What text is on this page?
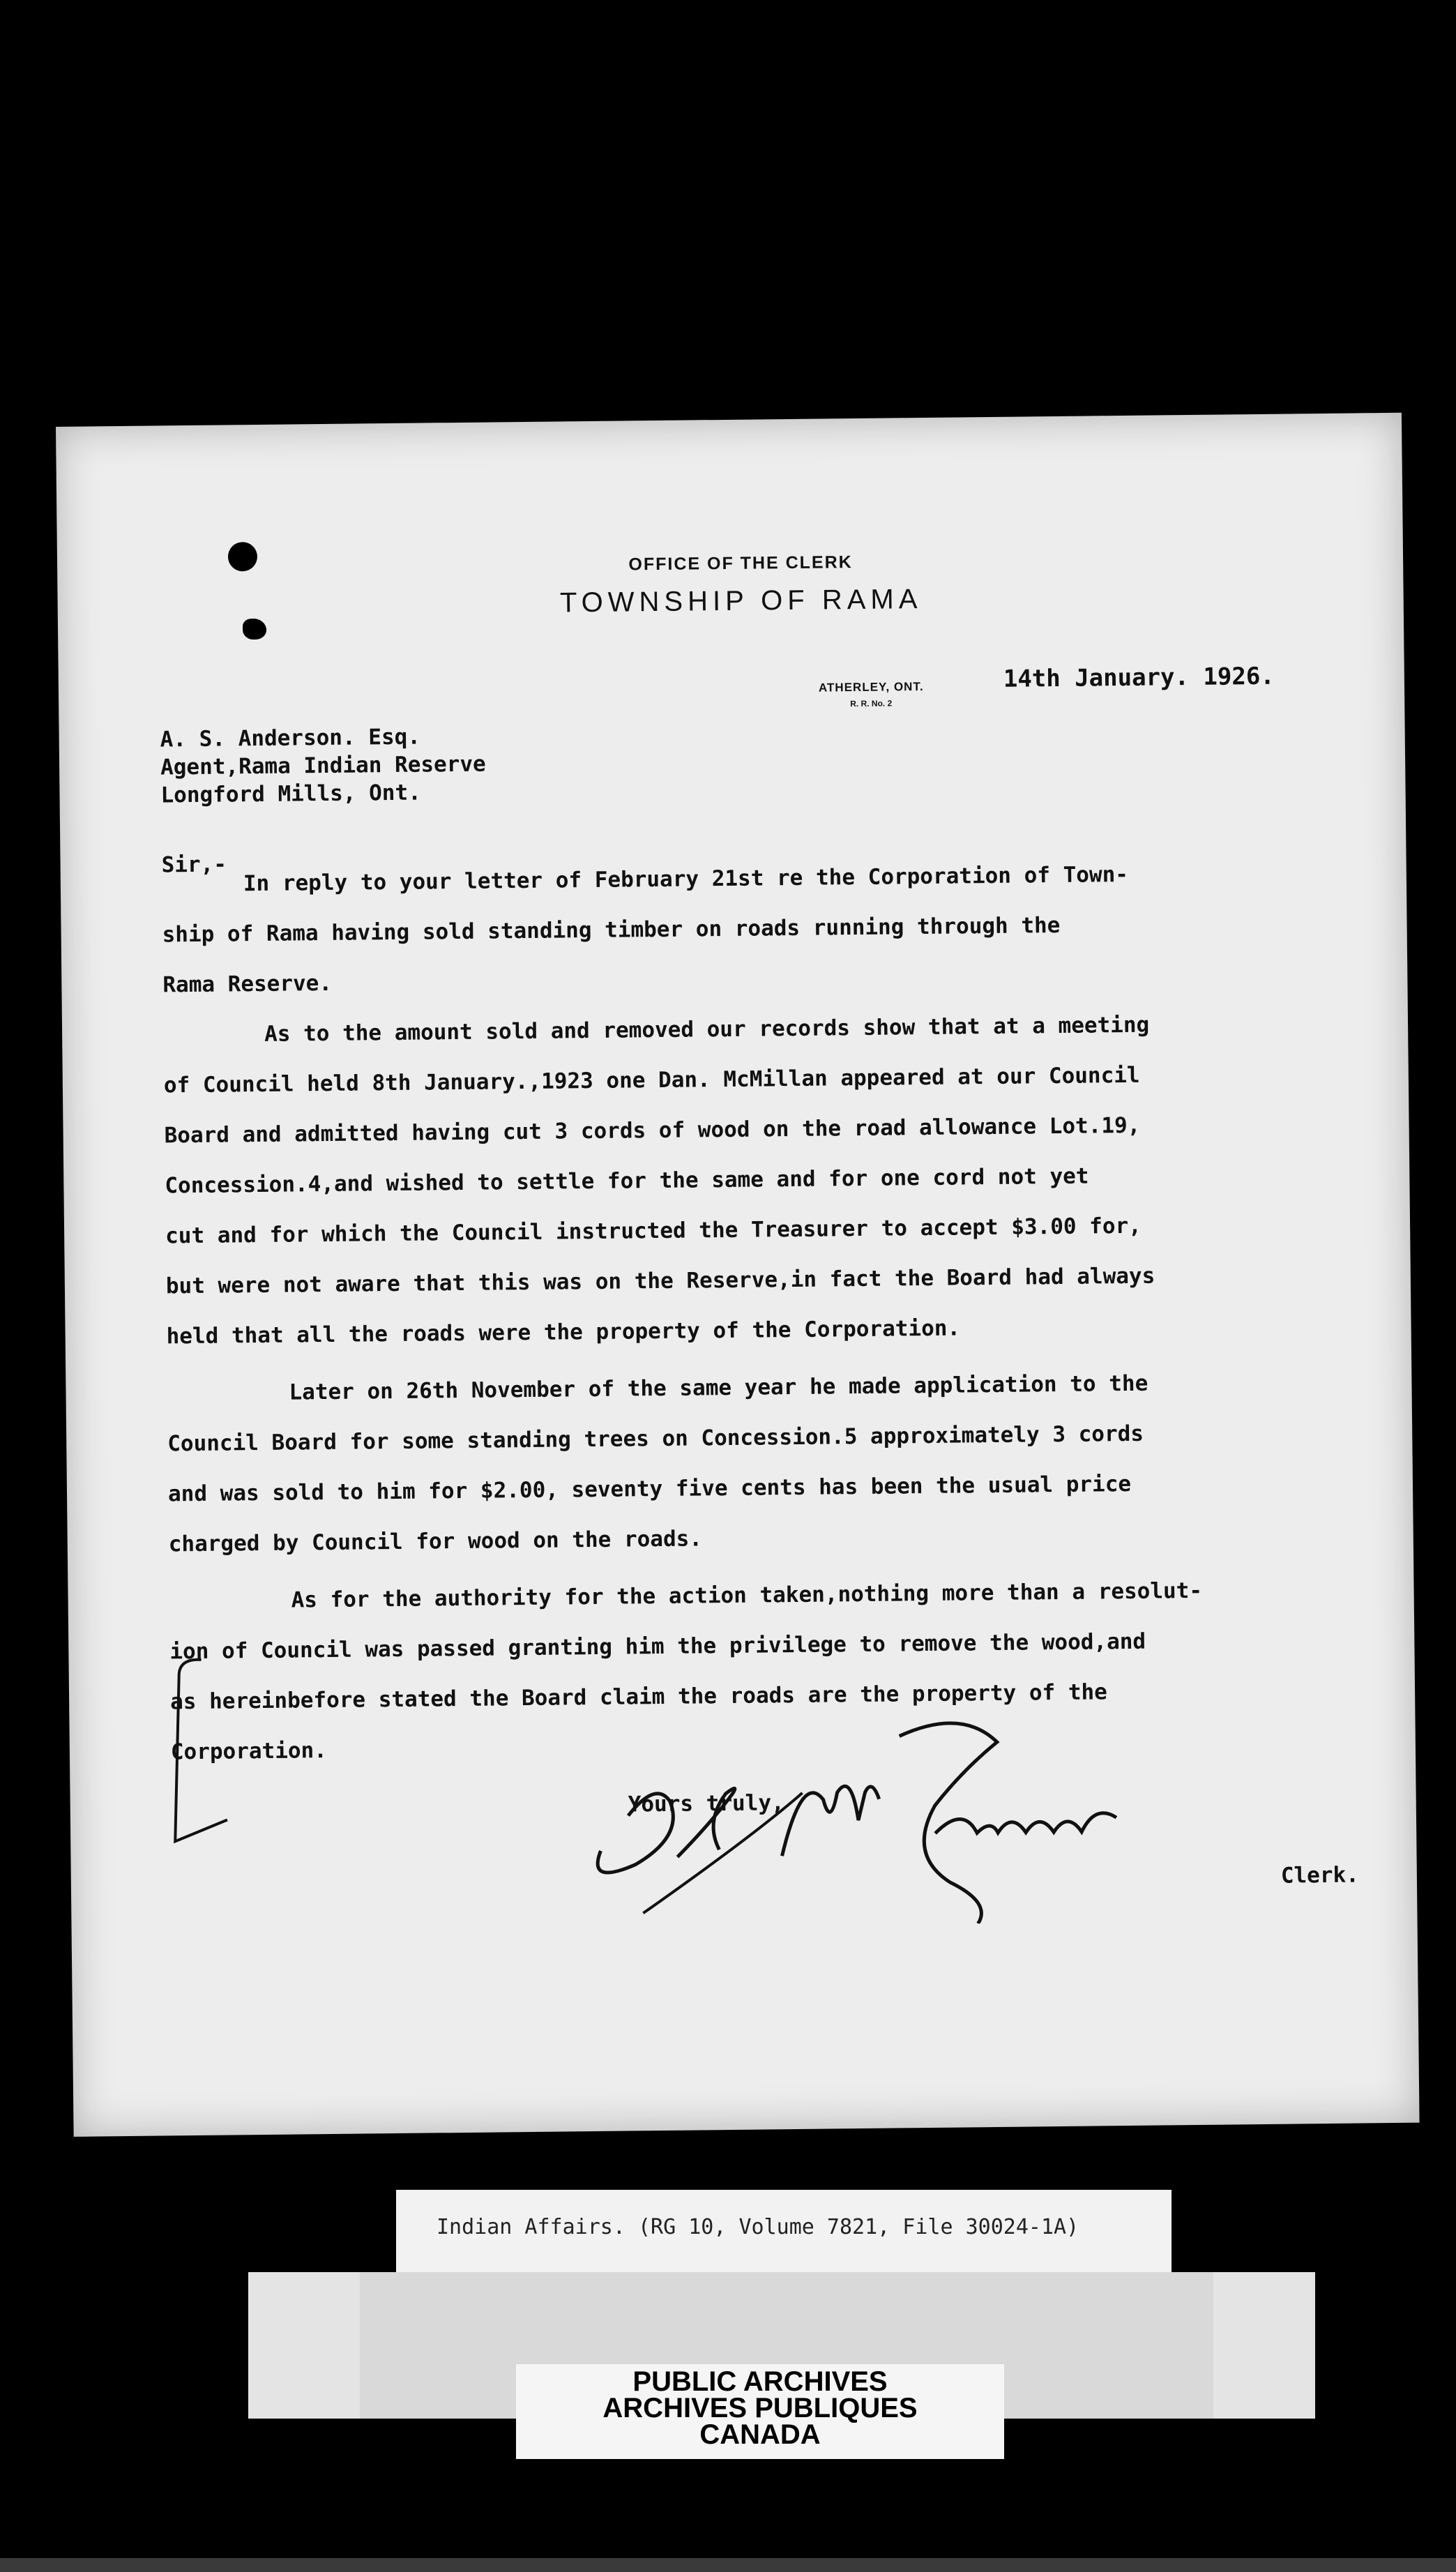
OFFICE OF THE CLERK
TOWNSHIP OF RAMA
ATHERLEY, ONT.
R. R. No. 2
14th January. 1926.
A. S. Anderson. Esq.
Agent,Rama Indian Reserve
Longford Mills, Ont.
Sir,- In reply to your letter of February 21st re the Corporation of Town-
ship of Rama having sold standing timber on roads running through the
Rama Reserve.
As to the amount sold and removed our records show that at a meeting
of Council held 8th January.,1923 one Dan. McMillan appeared at our Council
Board and admitted having cut 3 cords of wood on the road allowance Lot.19,
Concession.4,and wished to settle for the same and for one cord not yet
cut and for which the Council instructed the Treasurer to accept $3.00 for,
but were not aware that this was on the Reserve,in fact the Board had always
held that all the roads were the property of the Corporation.
Later on 26th November of the same year he made application to the
Council Board for some standing trees on Concession.5 approximately 3 cords
and was sold to him for $2.00, seventy five cents has been the usual price
charged by Council for wood on the roads.
As for the authority for the action taken,nothing more than a resolut-
ion of Council was passed granting him the privilege to remove the wood,and
as hereinbefore stated the Board claim the roads are the property of the
Corporation.
Yours truly,
Clerk.
Indian Affairs. (RG 10, Volume 7821, File 30024-1A)
PUBLIC ARCHIVES
ARCHIVES PUBLIQUES
CANADA
